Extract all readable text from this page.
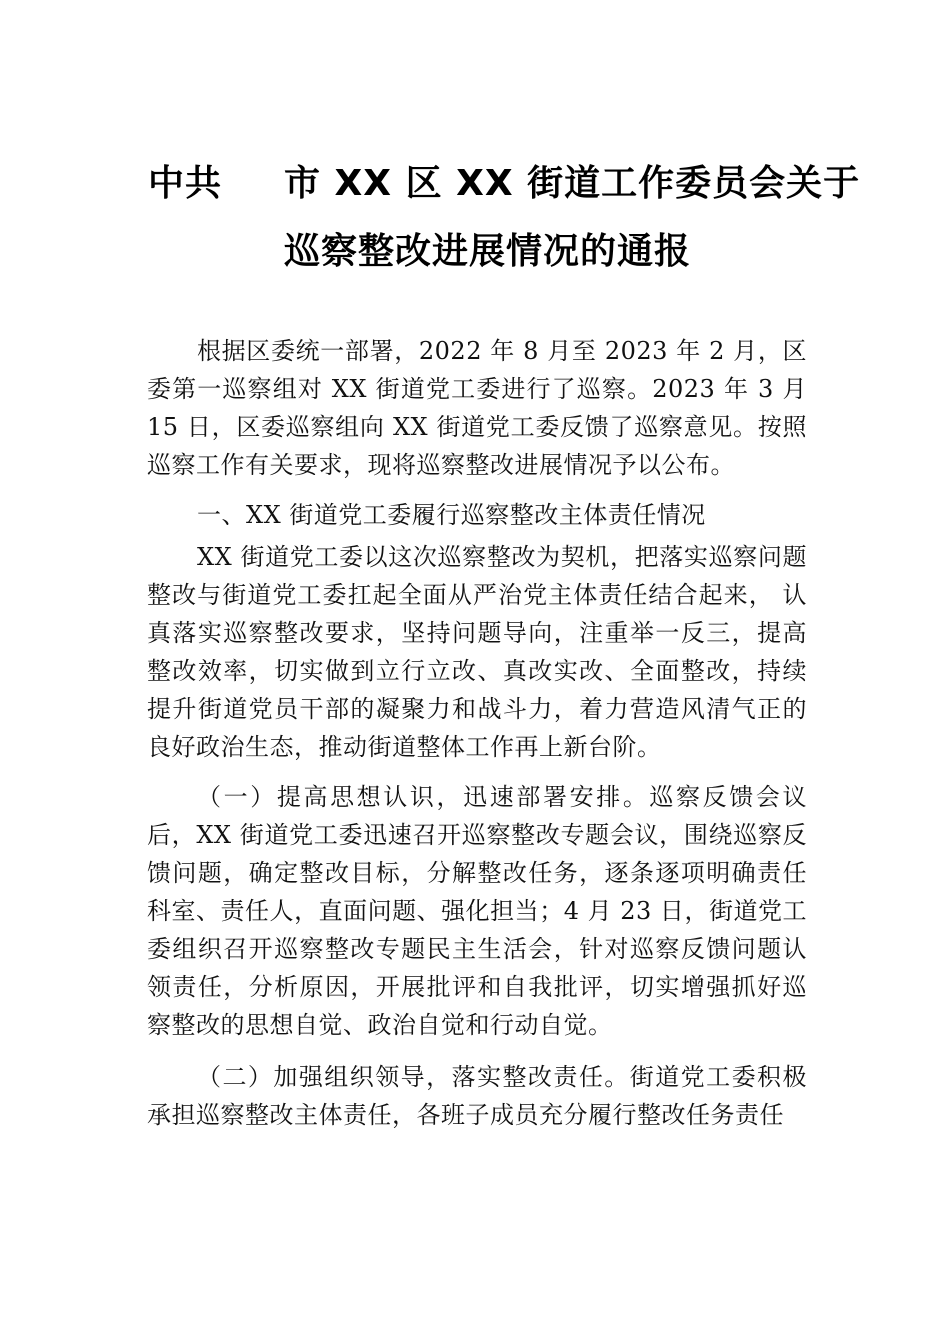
中共 市 XX 区 XX 街道工作委员会关于
巡察整改进展情况的通报

根据区委统一部署，2022 年 8 月至 2023 年 2 月，区委第一巡察组对 XX 街道党工委进行了巡察。2023 年 3 月 15 日，区委巡察组向 XX 街道党工委反馈了巡察意见。按照巡察工作有关要求，现将巡察整改进展情况予以公布。

一、XX 街道党工委履行巡察整改主体责任情况

XX 街道党工委以这次巡察整改为契机，把落实巡察问题整改与街道党工委扛起全面从严治党主体责任结合起来， 认真落实巡察整改要求，坚持问题导向，注重举一反三，提高整改效率，切实做到立行立改、真改实改、全面整改，持续提升街道党员干部的凝聚力和战斗力，着力营造风清气正的良好政治生态，推动街道整体工作再上新台阶。

（一）提高思想认识，迅速部署安排。巡察反馈会议后，XX 街道党工委迅速召开巡察整改专题会议，围绕巡察反馈问题，确定整改目标，分解整改任务，逐条逐项明确责任科室、责任人，直面问题、强化担当；4 月 23 日，街道党工委组织召开巡察整改专题民主生活会，针对巡察反馈问题认领责任，分析原因，开展批评和自我批评，切实增强抓好巡察整改的思想自觉、政治自觉和行动自觉。

（二）加强组织领导，落实整改责任。街道党工委积极承担巡察整改主体责任，各班子成员充分履行整改任务责任
